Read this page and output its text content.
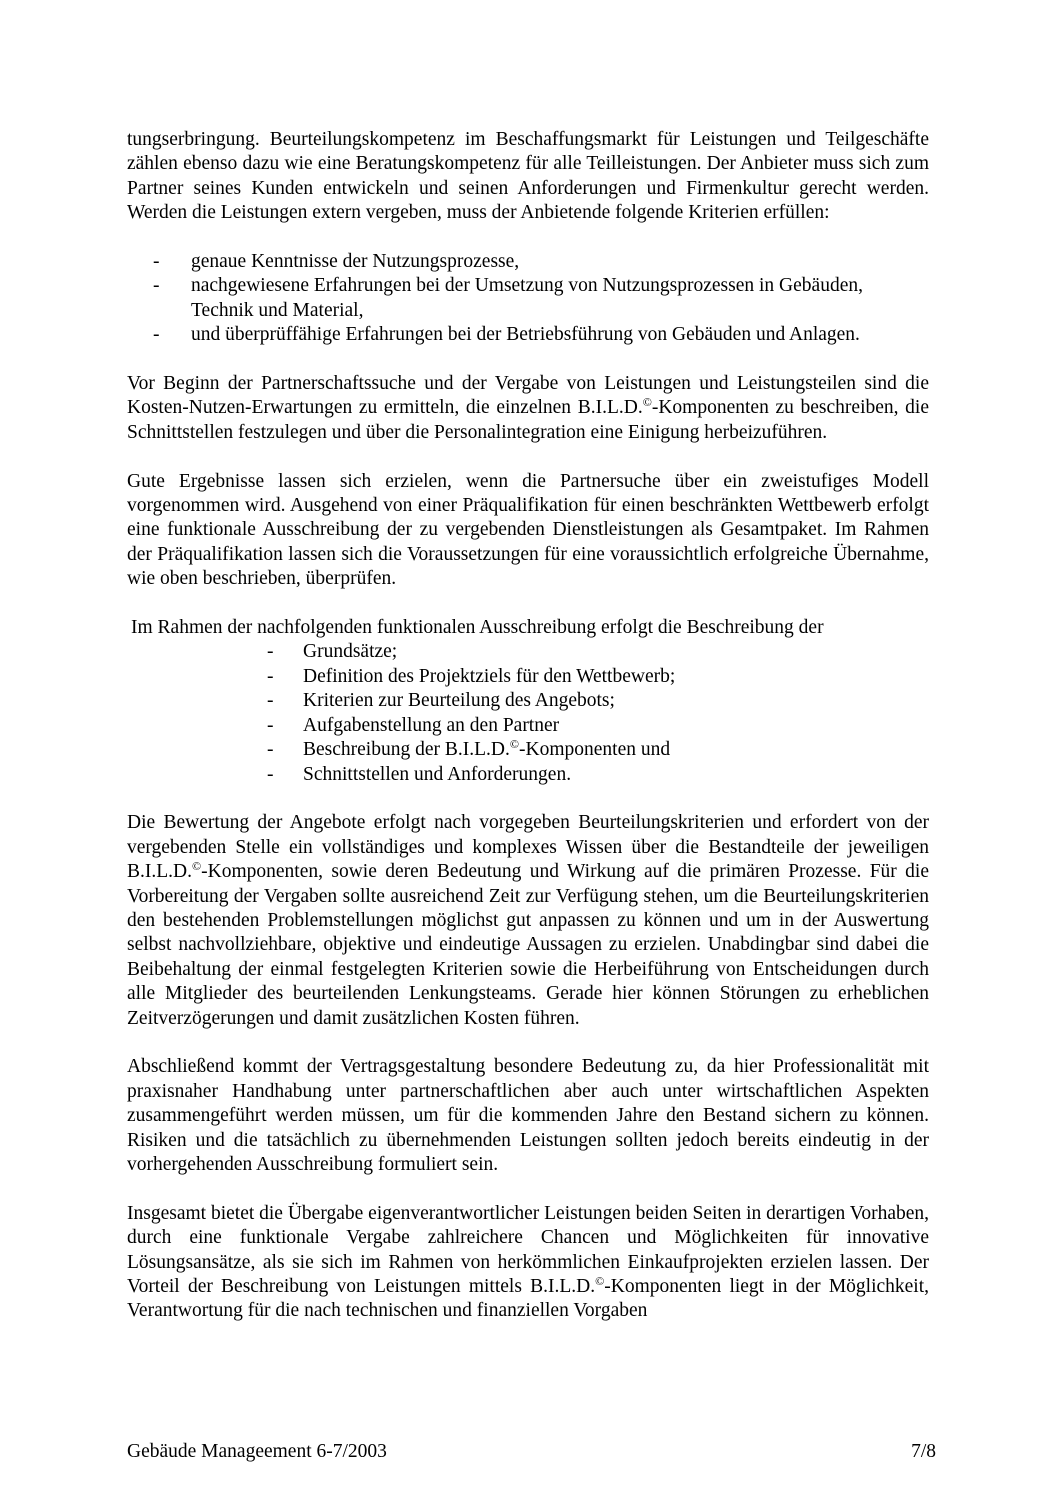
tungserbringung. Beurteilungskompetenz im Beschaffungsmarkt für Leistungen und Teilgeschäfte zählen ebenso dazu wie eine Beratungskompetenz für alle Teilleistungen. Der Anbieter muss sich zum Partner seines Kunden entwickeln und seinen Anforderungen und Firmenkultur gerecht werden. Werden die Leistungen extern vergeben, muss der Anbietende folgende Kriterien erfüllen:

- genaue Kenntnisse der Nutzungsprozesse,
- nachgewiesene Erfahrungen bei der Umsetzung von Nutzungsprozessen in Gebäuden, Technik und Material,
- und überprüffähige Erfahrungen bei der Betriebsführung von Gebäuden und Anlagen.

Vor Beginn der Partnerschaftssuche und der Vergabe von Leistungen und Leistungsteilen sind die Kosten-Nutzen-Erwartungen zu ermitteln, die einzelnen B.I.L.D.©-Komponenten zu beschreiben, die Schnittstellen festzulegen und über die Personalintegration eine Einigung herbeizuführen.

Gute Ergebnisse lassen sich erzielen, wenn die Partnersuche über ein zweistufiges Modell vorgenommen wird. Ausgehend von einer Präqualifikation für einen beschränkten Wettbewerb erfolgt eine funktionale Ausschreibung der zu vergebenden Dienstleistungen als Gesamtpaket. Im Rahmen der Präqualifikation lassen sich die Voraussetzungen für eine voraussichtlich erfolgreiche Übernahme, wie oben beschrieben, überprüfen.

Im Rahmen der nachfolgenden funktionalen Ausschreibung erfolgt die Beschreibung der

- Grundsätze;
- Definition des Projektziels für den Wettbewerb;
- Kriterien zur Beurteilung des Angebots;
- Aufgabenstellung an den Partner
- Beschreibung der B.I.L.D.©-Komponenten und
- Schnittstellen und Anforderungen.

Die Bewertung der Angebote erfolgt nach vorgegeben Beurteilungskriterien und erfordert von der vergebenden Stelle ein vollständiges und komplexes Wissen über die Bestandteile der jeweiligen B.I.L.D.©-Komponenten, sowie deren Bedeutung und Wirkung auf die primären Prozesse. Für die Vorbereitung der Vergaben sollte ausreichend Zeit zur Verfügung stehen, um die Beurteilungskriterien den bestehenden Problemstellungen möglichst gut anpassen zu können und um in der Auswertung selbst nachvollziehbare, objektive und eindeutige Aussagen zu erzielen. Unabdingbar sind dabei die Beibehaltung der einmal festgelegten Kriterien sowie die Herbeiführung von Entscheidungen durch alle Mitglieder des beurteilenden Lenkungsteams. Gerade hier können Störungen zu erheblichen Zeitverzögerungen und damit zusätzlichen Kosten führen.

Abschließend kommt der Vertragsgestaltung besondere Bedeutung zu, da hier Professionalität mit praxisnaher Handhabung unter partnerschaftlichen aber auch unter wirtschaftlichen Aspekten zusammengeführt werden müssen, um für die kommenden Jahre den Bestand sichern zu können. Risiken und die tatsächlich zu übernehmenden Leistungen sollten jedoch bereits eindeutig in der vorhergehenden Ausschreibung formuliert sein.

Insgesamt bietet die Übergabe eigenverantwortlicher Leistungen beiden Seiten in derartigen Vorhaben, durch eine funktionale Vergabe zahlreichere Chancen und Möglichkeiten für innovative Lösungsansätze, als sie sich im Rahmen von herkömmlichen Einkaufprojekten erzielen lassen. Der Vorteil der Beschreibung von Leistungen mittels B.I.L.D.©-Komponenten liegt in der Möglichkeit, Verantwortung für die nach technischen und finanziellen Vorgaben

Gebäude Manageement 6-7/2003	7/8
